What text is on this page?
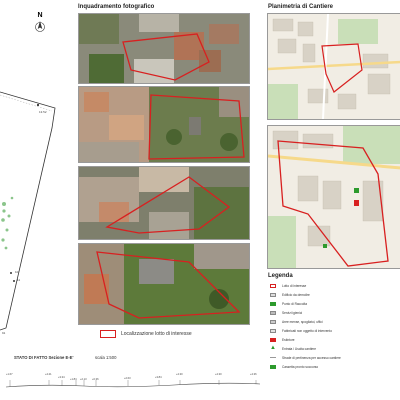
N
13.52
10
11
91
Inquadramento fotografico
Localizzazione lotto di interesse
Planimetria di Cantiere
Legenda
Lotto di interesse
Edificio da demolire
Punto di Raccolta
Servizi igienici
Aree mense, spogliatoi, uffici
Fabbricati non oggetto di intervento
Estintore
▲ Entrata / Uscita cantiere
Strade di pertinenza per accesso cantiere
Cassetta pronto soccorso
STATO DI FATTO Sezione E-E'	scala 1:500
+1.67	+4.21
+3.34
+1.84 +2.13 +0.36	+2.63	+3.84
+4.30	+4.30	+4.36
